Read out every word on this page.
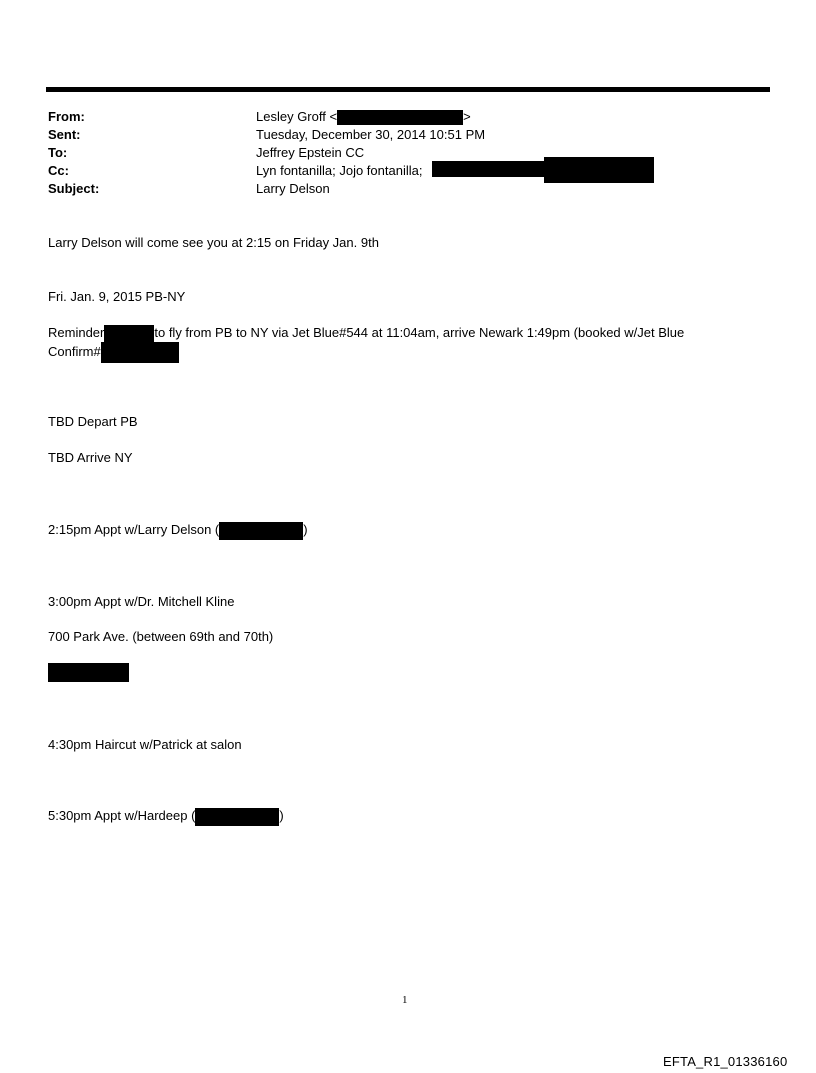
From:	Lesley Groff <	>
Sent:	Tuesday, December 30, 2014 10:51 PM
To:	Jeffrey Epstein CC
Cc:	Lyn fontanilla; Jojo fontanilla;
Subject:	Larry Delson
Larry Delson will come see you at 2:15 on Friday Jan. 9th
Fri. Jan. 9, 2015 PB-NY
Reminder	to fly from PB to NY via Jet Blue#544 at 11:04am, arrive Newark 1:49pm (booked w/Jet Blue
Confirm#
TBD Depart PB
TBD Arrive NY
2:15pm Appt w/Larry Delson (	)
3:00pm Appt w/Dr. Mitchell Kline
700 Park Ave. (between 69th and 70th)
4:30pm Haircut w/Patrick at salon
5:30pm Appt w/Hardeep (	)
1
EFTA_R1_01336160
